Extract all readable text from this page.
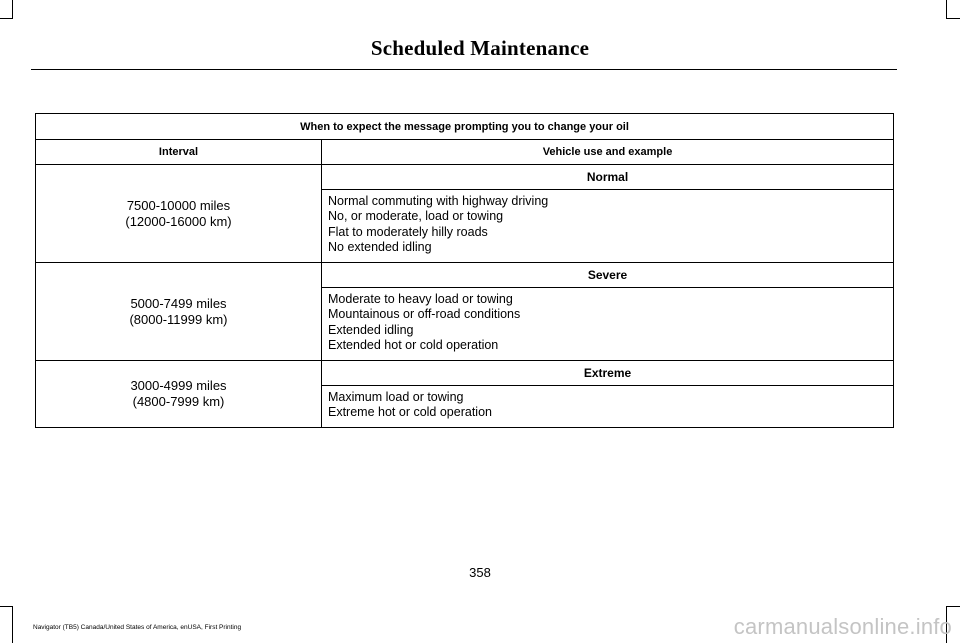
Scheduled Maintenance
When to expect the message prompting you to change your oil	
Interval	Vehicle use and example

7500-10000 miles
(12000-16000 km)	Normal

	Normal commuting with highway driving
No, or moderate, load or towing
Flat to moderately hilly roads
No extended idling

5000-7499 miles
(8000-11999 km)	Severe

	Moderate to heavy load or towing
Mountainous or off-road conditions
Extended idling
Extended hot or cold operation

3000-4999 miles
(4800-7999 km)	Extreme

	Maximum load or towing
Extreme hot or cold operation
358
Navigator (TB5) Canada/United States of America, enUSA, First Printing	carmanualsonline.info
